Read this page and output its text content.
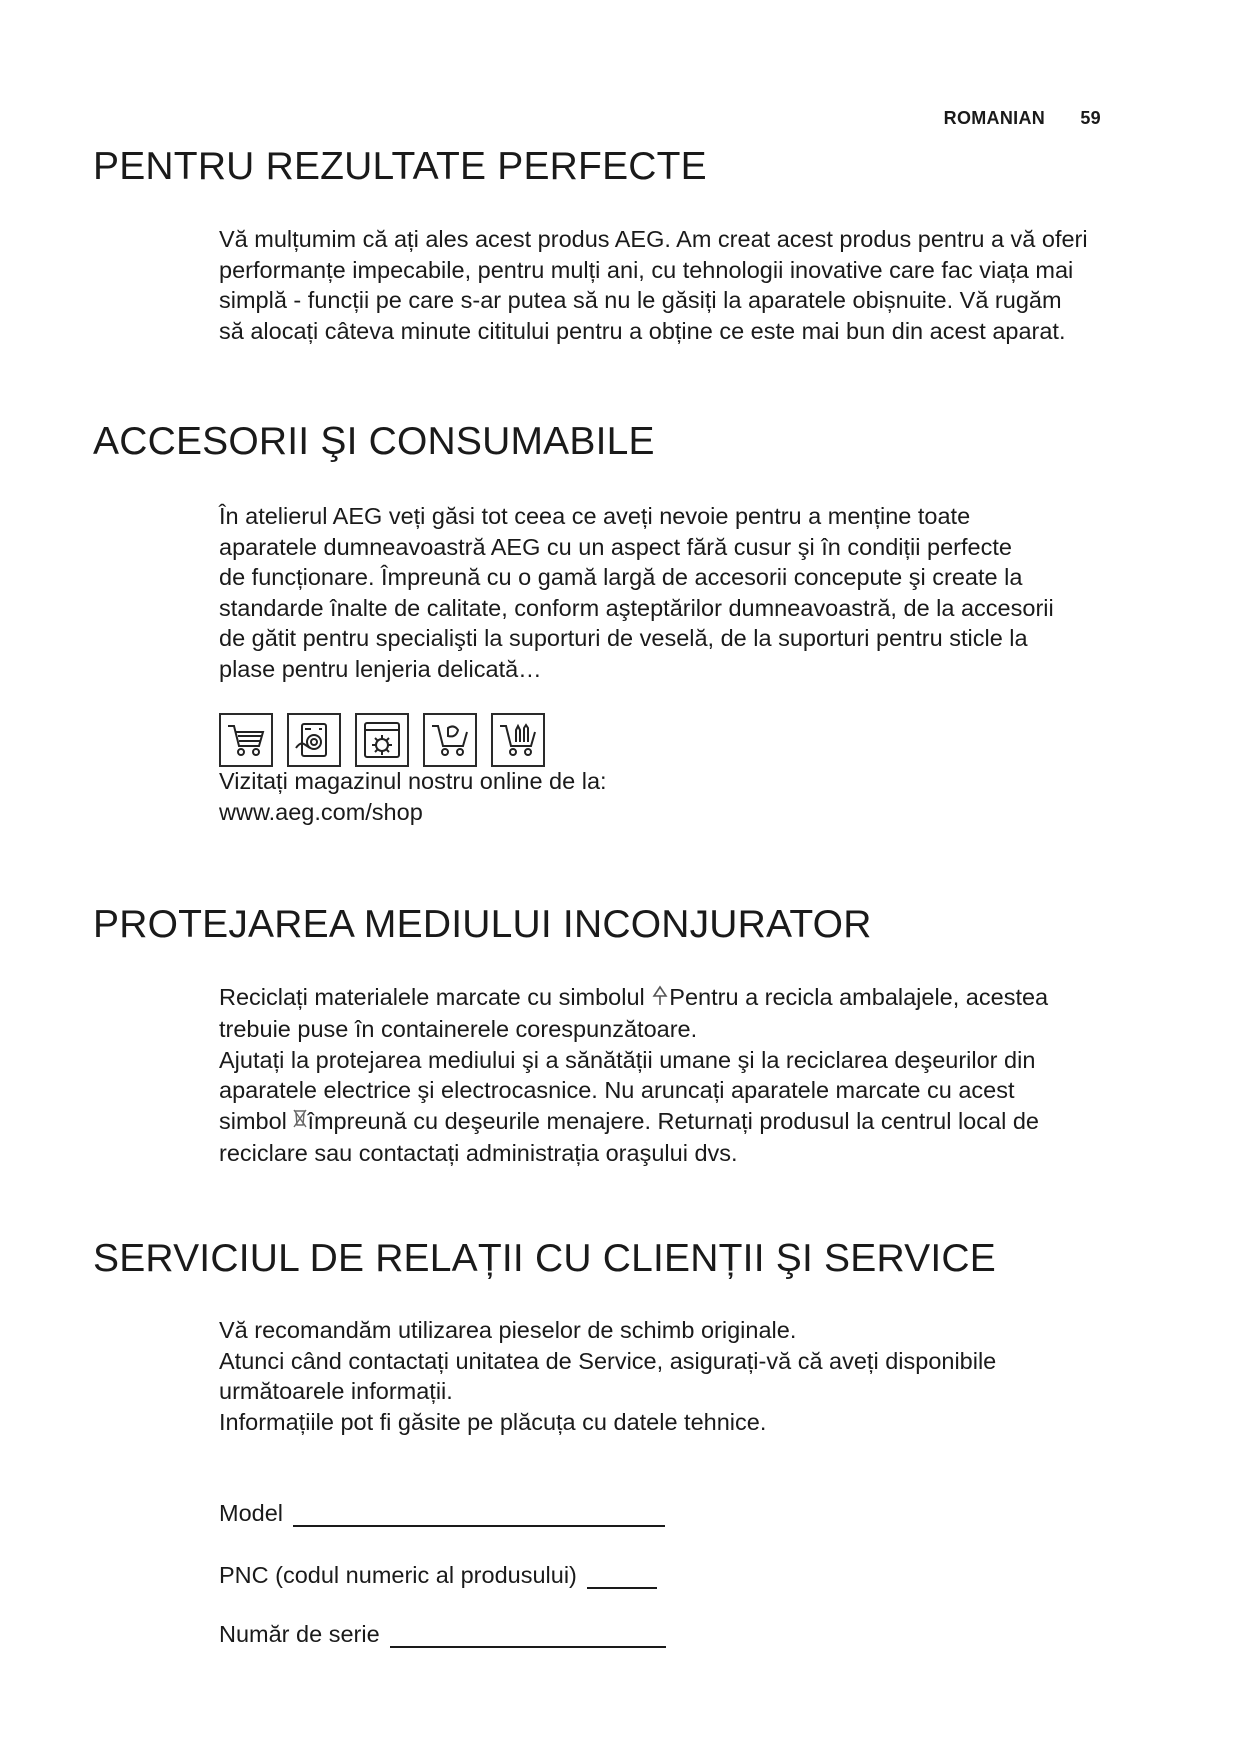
ROMANIAN 59
PENTRU REZULTATE PERFECTE

Vă mulțumim că ați ales acest produs AEG. Am creat acest produs pentru a vă oferi

performanțe impecabile, pentru mulți ani, cu tehnologii inovative care fac viața mai

simplă - funcții pe care s-ar putea să nu le găsiți la aparatele obișnuite. Vă rugăm

să alocați câteva minute cititului pentru a obține ce este mai bun din acest aparat.

ACCESORII ŞI CONSUMABILE

În atelierul AEG veți găsi tot ceea ce aveți nevoie pentru a menține toate

aparatele dumneavoastră AEG cu un aspect fără cusur şi în condiții perfecte

de funcționare. Împreună cu o gamă largă de accesorii concepute şi create la

standarde înalte de calitate, conform aşteptărilor dumneavoastră, de la accesorii

de gătit pentru specialişti la suporturi de veselă, de la suporturi pentru sticle la

plase pentru lenjeria delicată…

Vizitați magazinul nostru online de la:

www.aeg.com/shop

PROTEJAREA MEDIULUI INCONJURATOR

Reciclați materialele marcate cu simbolul Pentru a recicla ambalajele, acestea

trebuie puse în containerele corespunzătoare.

Ajutați la protejarea mediului şi a sănătății umane şi la reciclarea deşeurilor din

aparatele electrice şi electrocasnice. Nu aruncați aparatele marcate cu acest

simbol împreună cu deşeurile menajere. Returnați produsul la centrul local de

reciclare sau contactați administrația oraşului dvs.

SERVICIUL DE RELAȚII CU CLIENȚII ŞI SERVICE

Vă recomandăm utilizarea pieselor de schimb originale.

Atunci când contactați unitatea de Service, asigurați-vă că aveți disponibile

următoarele informații.

Informațiile pot fi găsite pe plăcuța cu datele tehnice.

Model
PNC (codul numeric al produsului)
Număr de serie
